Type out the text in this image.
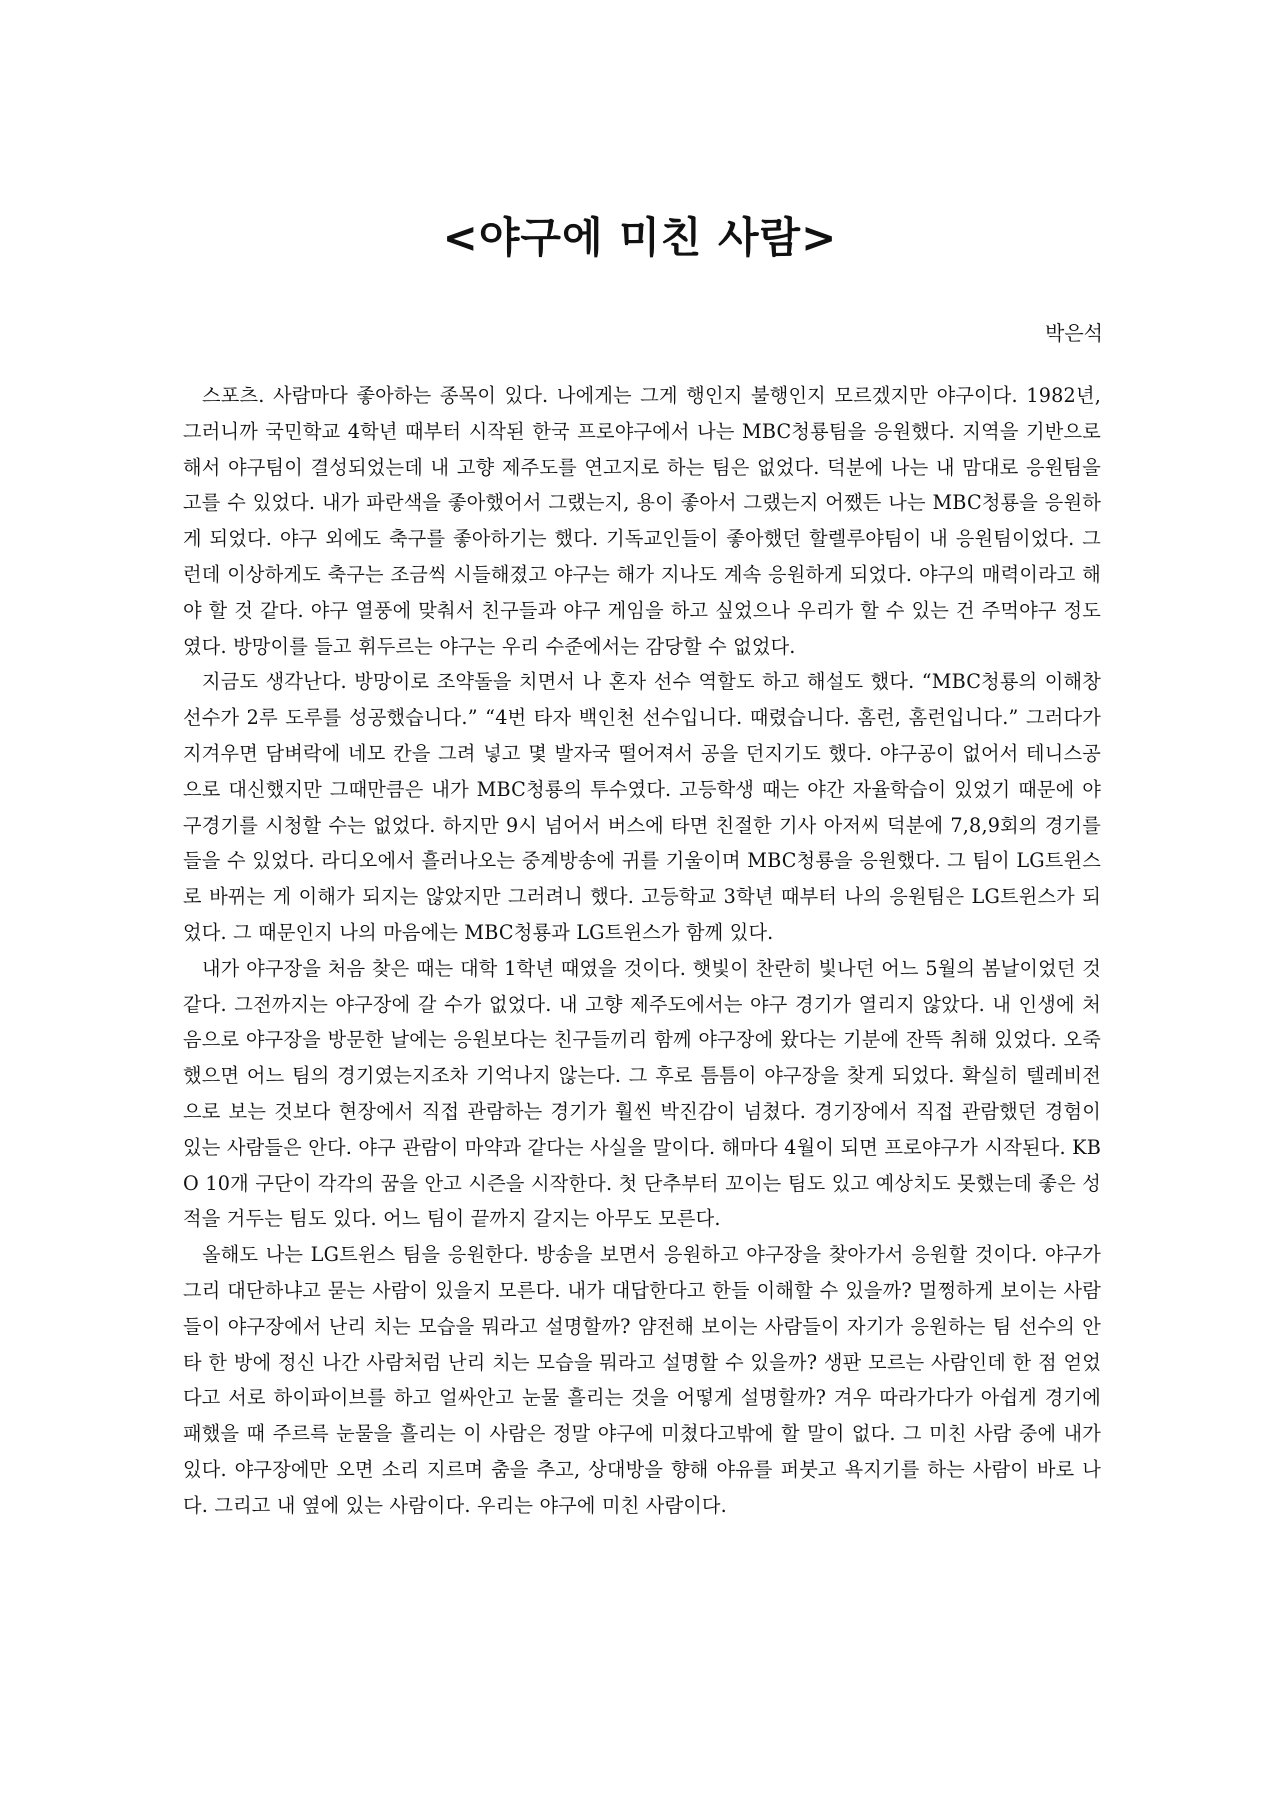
<야구에 미친 사람>

박은석

스포츠. 사람마다 좋아하는 종목이 있다. 나에게는 그게 행인지 불행인지 모르겠지만 야구이다. 1982년, 그러니까 국민학교 4학년 때부터 시작된 한국 프로야구에서 나는 MBC청룡팀을 응원했다. 지역을 기반으로 해서 야구팀이 결성되었는데 내 고향 제주도를 연고지로 하는 팀은 없었다. 덕분에 나는 내 맘대로 응원팀을 고를 수 있었다. 내가 파란색을 좋아했어서 그랬는지, 용이 좋아서 그랬는지 어쨌든 나는 MBC청룡을 응원하게 되었다. 야구 외에도 축구를 좋아하기는 했다. 기독교인들이 좋아했던 할렐루야팀이 내 응원팀이었다. 그런데 이상하게도 축구는 조금씩 시들해졌고 야구는 해가 지나도 계속 응원하게 되었다. 야구의 매력이라고 해야 할 것 같다. 야구 열풍에 맞춰서 친구들과 야구 게임을 하고 싶었으나 우리가 할 수 있는 건 주먹야구 정도였다. 방망이를 들고 휘두르는 야구는 우리 수준에서는 감당할 수 없었다.

지금도 생각난다. 방망이로 조약돌을 치면서 나 혼자 선수 역할도 하고 해설도 했다. “MBC청룡의 이해창 선수가 2루 도루를 성공했습니다.” “4번 타자 백인천 선수입니다. 때렸습니다. 홈런, 홈런입니다.” 그러다가 지겨우면 담벼락에 네모 칸을 그려 넣고 몇 발자국 떨어져서 공을 던지기도 했다. 야구공이 없어서 테니스공으로 대신했지만 그때만큼은 내가 MBC청룡의 투수였다. 고등학생 때는 야간 자율학습이 있었기 때문에 야구경기를 시청할 수는 없었다. 하지만 9시 넘어서 버스에 타면 친절한 기사 아저씨 덕분에 7,8,9회의 경기를 들을 수 있었다. 라디오에서 흘러나오는 중계방송에 귀를 기울이며 MBC청룡을 응원했다. 그 팀이 LG트윈스로 바뀌는 게 이해가 되지는 않았지만 그러려니 했다. 고등학교 3학년 때부터 나의 응원팀은 LG트윈스가 되었다. 그 때문인지 나의 마음에는 MBC청룡과 LG트윈스가 함께 있다.

내가 야구장을 처음 찾은 때는 대학 1학년 때였을 것이다. 햇빛이 찬란히 빛나던 어느 5월의 봄날이었던 것 같다. 그전까지는 야구장에 갈 수가 없었다. 내 고향 제주도에서는 야구 경기가 열리지 않았다. 내 인생에 처음으로 야구장을 방문한 날에는 응원보다는 친구들끼리 함께 야구장에 왔다는 기분에 잔뜩 취해 있었다. 오죽했으면 어느 팀의 경기였는지조차 기억나지 않는다. 그 후로 틈틈이 야구장을 찾게 되었다. 확실히 텔레비전으로 보는 것보다 현장에서 직접 관람하는 경기가 훨씬 박진감이 넘쳤다. 경기장에서 직접 관람했던 경험이 있는 사람들은 안다. 야구 관람이 마약과 같다는 사실을 말이다. 해마다 4월이 되면 프로야구가 시작된다. KBO 10개 구단이 각각의 꿈을 안고 시즌을 시작한다. 첫 단추부터 꼬이는 팀도 있고 예상치도 못했는데 좋은 성적을 거두는 팀도 있다. 어느 팀이 끝까지 갈지는 아무도 모른다.

올해도 나는 LG트윈스 팀을 응원한다. 방송을 보면서 응원하고 야구장을 찾아가서 응원할 것이다. 야구가 그리 대단하냐고 묻는 사람이 있을지 모른다. 내가 대답한다고 한들 이해할 수 있을까? 멀쩡하게 보이는 사람들이 야구장에서 난리 치는 모습을 뭐라고 설명할까? 얌전해 보이는 사람들이 자기가 응원하는 팀 선수의 안타 한 방에 정신 나간 사람처럼 난리 치는 모습을 뭐라고 설명할 수 있을까? 생판 모르는 사람인데 한 점 얻었다고 서로 하이파이브를 하고 얼싸안고 눈물 흘리는 것을 어떻게 설명할까? 겨우 따라가다가 아쉽게 경기에 패했을 때 주르륵 눈물을 흘리는 이 사람은 정말 야구에 미쳤다고밖에 할 말이 없다. 그 미친 사람 중에 내가 있다. 야구장에만 오면 소리 지르며 춤을 추고, 상대방을 향해 야유를 퍼붓고 욕지기를 하는 사람이 바로 나다. 그리고 내 옆에 있는 사람이다. 우리는 야구에 미친 사람이다.
